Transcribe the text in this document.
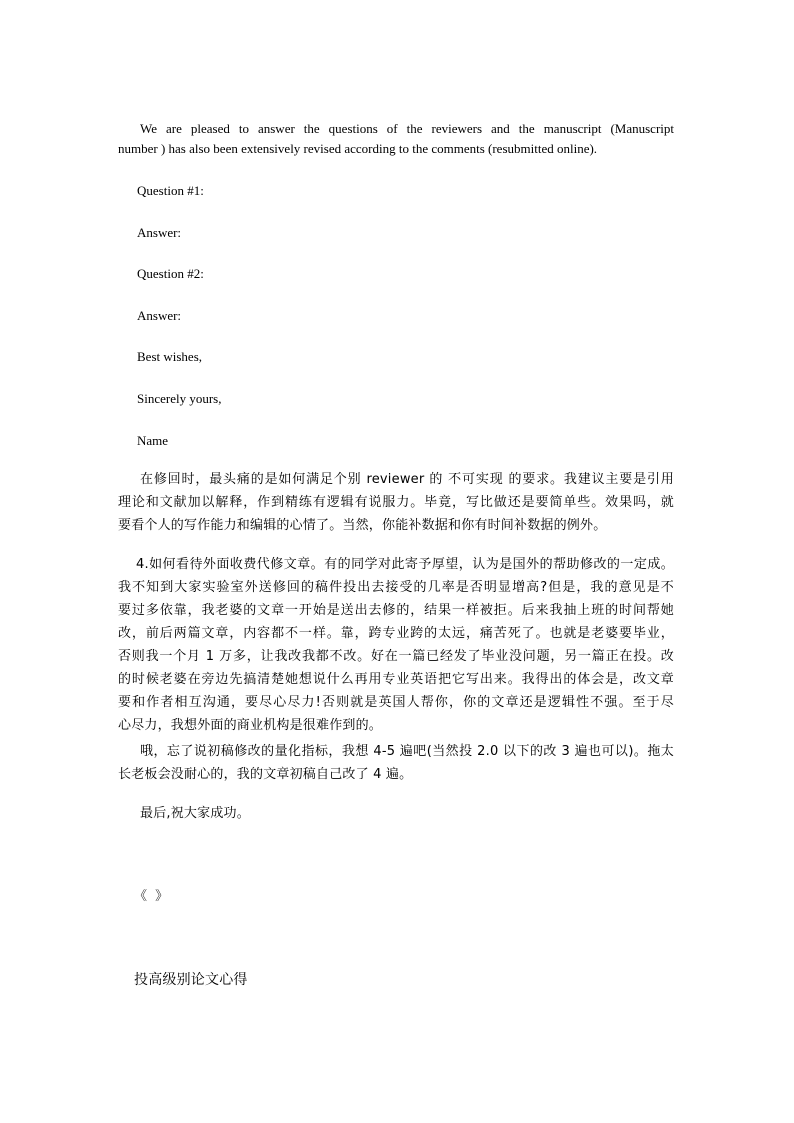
We are pleased to answer the questions of the reviewers and the manuscript (Manuscript
number ) has also been extensively revised according to the comments (resubmitted online).

Question #1:

Answer:

Question #2:

Answer:

Best wishes,

Sincerely yours,

Name

在修回时，最头痛的是如何满足个别 reviewer 的 不可实现 的要求。我建议主要是引用
理论和文献加以解释，作到精练有逻辑有说服力。毕竟，写比做还是要简单些。效果吗，就
要看个人的写作能力和编辑的心情了。当然，你能补数据和你有时间补数据的例外。
4.如何看待外面收费代修文章。有的同学对此寄予厚望，认为是国外的帮助修改的一定成。
我不知到大家实验室外送修回的稿件投出去接受的几率是否明显增高?但是，我的意见是不
要过多依靠，我老婆的文章一开始是送出去修的，结果一样被拒。后来我抽上班的时间帮她
改，前后两篇文章，内容都不一样。靠，跨专业跨的太远，痛苦死了。也就是老婆要毕业，
否则我一个月 1 万多，让我改我都不改。好在一篇已经发了毕业没问题，另一篇正在投。改
的时候老婆在旁边先搞清楚她想说什么再用专业英语把它写出来。我得出的体会是，改文章
要和作者相互沟通，要尽心尽力!否则就是英国人帮你，你的文章还是逻辑性不强。至于尽
心尽力，我想外面的商业机构是很难作到的。
哦，忘了说初稿修改的量化指标，我想 4-5 遍吧(当然投 2.0 以下的改 3 遍也可以)。拖太
长老板会没耐心的，我的文章初稿自己改了 4 遍。

最后,祝大家成功。

《 》

投高级别论文心得
